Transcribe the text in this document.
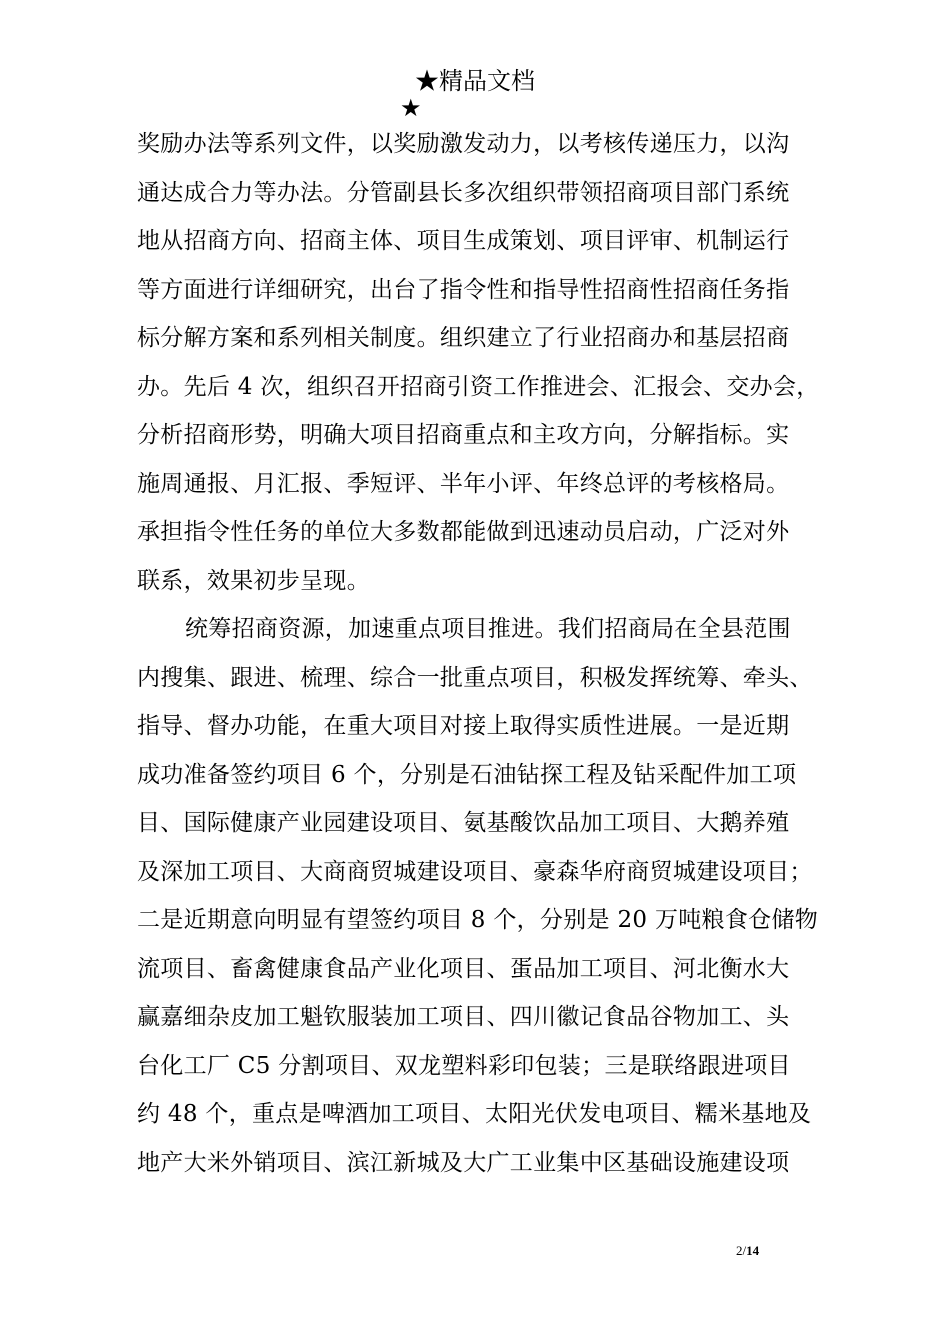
★精品文档
★
奖励办法等系列文件，以奖励激发动力，以考核传递压力，以沟
通达成合力等办法。分管副县长多次组织带领招商项目部门系统
地从招商方向、招商主体、项目生成策划、项目评审、机制运行
等方面进行详细研究，出台了指令性和指导性招商性招商任务指
标分解方案和系列相关制度。组织建立了行业招商办和基层招商
办。先后 4 次，组织召开招商引资工作推进会、汇报会、交办会，
分析招商形势，明确大项目招商重点和主攻方向，分解指标。实
施周通报、月汇报、季短评、半年小评、年终总评的考核格局。
承担指令性任务的单位大多数都能做到迅速动员启动，广泛对外
联系，效果初步呈现。
统筹招商资源，加速重点项目推进。我们招商局在全县范围
内搜集、跟进、梳理、综合一批重点项目，积极发挥统筹、牵头、
指导、督办功能，在重大项目对接上取得实质性进展。一是近期
成功准备签约项目 6 个，分别是石油钻探工程及钻采配件加工项
目、国际健康产业园建设项目、氨基酸饮品加工项目、大鹅养殖
及深加工项目、大商商贸城建设项目、豪森华府商贸城建设项目；
二是近期意向明显有望签约项目 8 个，分别是 20 万吨粮食仓储物
流项目、畜禽健康食品产业化项目、蛋品加工项目、河北衡水大
赢嘉细杂皮加工魁钦服装加工项目、四川徽记食品谷物加工、头
台化工厂 C5 分割项目、双龙塑料彩印包装；三是联络跟进项目
约 48 个，重点是啤酒加工项目、太阳光伏发电项目、糯米基地及
地产大米外销项目、滨江新城及大广工业集中区基础设施建设项
2/14
